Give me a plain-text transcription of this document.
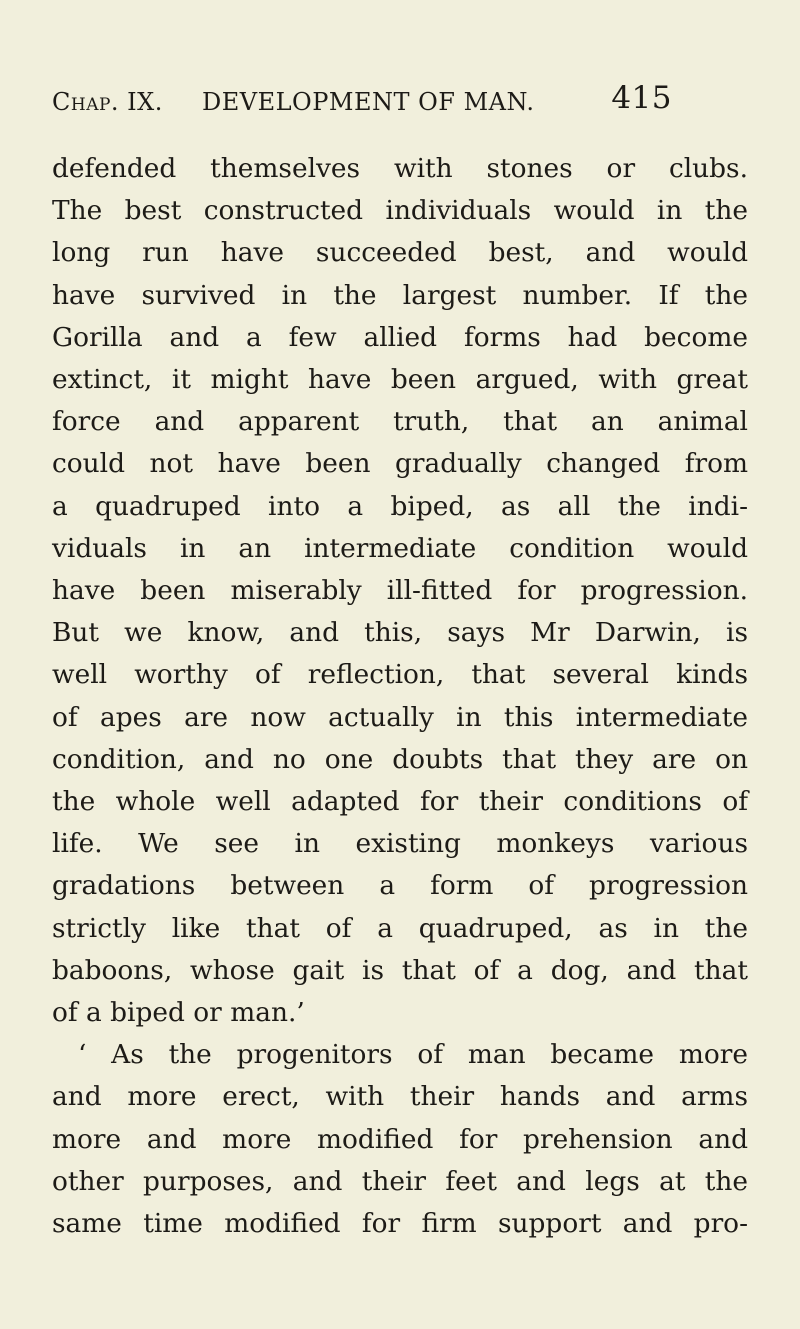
Chap. IX. DEVELOPMENT OF MAN. 415
defended themselves with stones or clubs.
The best constructed individuals would in the
long run have succeeded best, and would
have survived in the largest number. If the
Gorilla and a few allied forms had become
extinct, it might have been argued, with great
force and apparent truth, that an animal
could not have been gradually changed from
a quadruped into a biped, as all the indi-
viduals in an intermediate condition would
have been miserably ill-fitted for progression.
But we know, and this, says Mr Darwin, is
well worthy of reflection, that several kinds
of apes are now actually in this intermediate
condition, and no one doubts that they are on
the whole well adapted for their conditions of
life. We see in existing monkeys various
gradations between a form of progression
strictly like that of a quadruped, as in the
baboons, whose gait is that of a dog, and that
of a biped or man.’
‘ As the progenitors of man became more
and more erect, with their hands and arms
more and more modified for prehension and
other purposes, and their feet and legs at the
same time modified for firm support and pro-
